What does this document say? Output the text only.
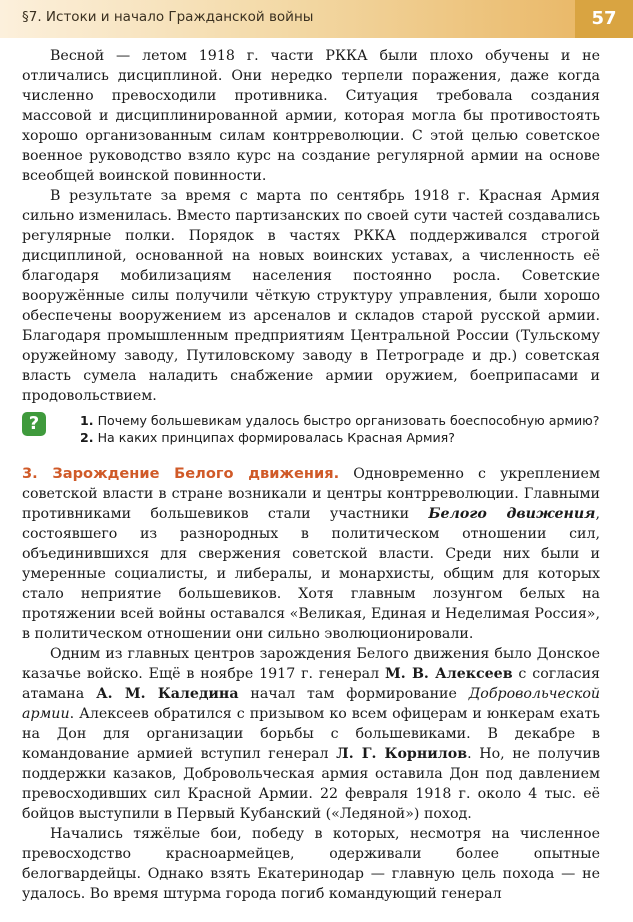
§7. Истоки и начало Гражданской войны	57

Весной — летом 1918 г. части РККА были плохо обучены и не отличались дисциплиной. Они нередко терпели поражения, даже когда численно превосходили противника. Ситуация требовала создания массовой и дисциплинированной армии, которая могла бы противостоять хорошо организованным силам контрреволюции. С этой целью советское военное руководство взяло курс на создание регулярной армии на основе всеобщей воинской повинности.

В результате за время с марта по сентябрь 1918 г. Красная Армия сильно изменилась. Вместо партизанских по своей сути частей создавались регулярные полки. Порядок в частях РККА поддерживался строгой дисциплиной, основанной на новых воинских уставах, а численность её благодаря мобилизациям населения постоянно росла. Советские вооружённые силы получили чёткую структуру управления, были хорошо обеспечены вооружением из арсеналов и складов старой русской армии. Благодаря промышленным предприятиям Центральной России (Тульскому оружейному заводу, Путиловскому заводу в Петрограде и др.) советская власть сумела наладить снабжение армии оружием, боеприпасами и продовольствием.

?	1. Почему большевикам удалось быстро организовать боеспособную армию?

2. На каких принципах формировалась Красная Армия?

3. Зарождение Белого движения. Одновременно с укреплением советской власти в стране возникали и центры контрреволюции. Главными противниками большевиков стали участники Белого движения, состоявшего из разнородных в политическом отношении сил, объединившихся для свержения советской власти. Среди них были и умеренные социалисты, и либералы, и монархисты, общим для которых стало неприятие большевиков. Хотя главным лозунгом белых на протяжении всей войны оставался «Великая, Единая и Неделимая Россия», в политическом отношении они сильно эволюционировали.

Одним из главных центров зарождения Белого движения было Донское казачье войско. Ещё в ноябре 1917 г. генерал М. В. Алексеев с согласия атамана А. М. Каледина начал там формирование Добровольческой армии. Алексеев обратился с призывом ко всем офицерам и юнкерам ехать на Дон для организации борьбы с большевиками. В декабре в командование армией вступил генерал Л. Г. Корнилов. Но, не получив поддержки казаков, Добровольческая армия оставила Дон под давлением превосходивших сил Красной Армии. 22 февраля 1918 г. около 4 тыс. её бойцов выступили в Первый Кубанский («Ледяной») поход.

Начались тяжёлые бои, победу в которых, несмотря на численное превосходство красноармейцев, одерживали более опытные белогвардейцы. Однако взять Екатеринодар — главную цель похода — не удалось. Во время штурма города погиб командующий генерал
